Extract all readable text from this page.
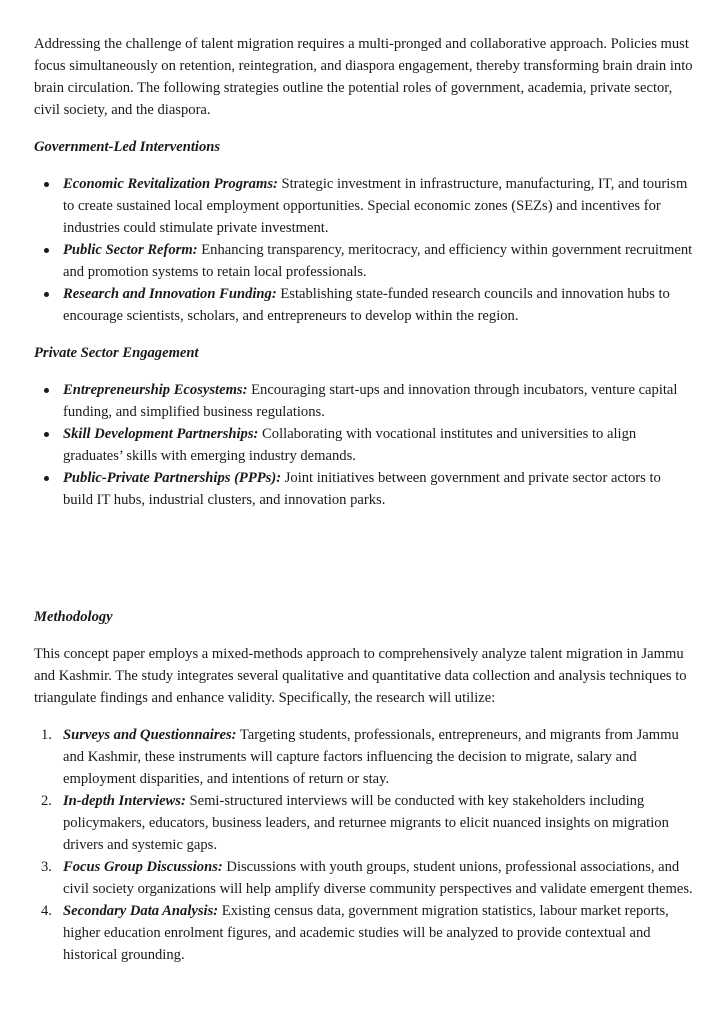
Addressing the challenge of talent migration requires a multi-pronged and collaborative approach. Policies must focus simultaneously on retention, reintegration, and diaspora engagement, thereby transforming brain drain into brain circulation. The following strategies outline the potential roles of government, academia, private sector, civil society, and the diaspora.

Government-Led Interventions

Economic Revitalization Programs: Strategic investment in infrastructure, manufacturing, IT, and tourism to create sustained local employment opportunities. Special economic zones (SEZs) and incentives for industries could stimulate private investment.
Public Sector Reform: Enhancing transparency, meritocracy, and efficiency within government recruitment and promotion systems to retain local professionals.
Research and Innovation Funding: Establishing state-funded research councils and innovation hubs to encourage scientists, scholars, and entrepreneurs to develop within the region.

Private Sector Engagement

Entrepreneurship Ecosystems: Encouraging start-ups and innovation through incubators, venture capital funding, and simplified business regulations.
Skill Development Partnerships: Collaborating with vocational institutes and universities to align graduates’ skills with emerging industry demands.
Public-Private Partnerships (PPPs): Joint initiatives between government and private sector actors to build IT hubs, industrial clusters, and innovation parks.

Methodology

This concept paper employs a mixed-methods approach to comprehensively analyze talent migration in Jammu and Kashmir. The study integrates several qualitative and quantitative data collection and analysis techniques to triangulate findings and enhance validity. Specifically, the research will utilize:

1. Surveys and Questionnaires: Targeting students, professionals, entrepreneurs, and migrants from Jammu and Kashmir, these instruments will capture factors influencing the decision to migrate, salary and employment disparities, and intentions of return or stay.
2. In-depth Interviews: Semi-structured interviews will be conducted with key stakeholders including policymakers, educators, business leaders, and returnee migrants to elicit nuanced insights on migration drivers and systemic gaps.
3. Focus Group Discussions: Discussions with youth groups, student unions, professional associations, and civil society organizations will help amplify diverse community perspectives and validate emergent themes.
4. Secondary Data Analysis: Existing census data, government migration statistics, labour market reports, higher education enrolment figures, and academic studies will be analyzed to provide contextual and historical grounding.
